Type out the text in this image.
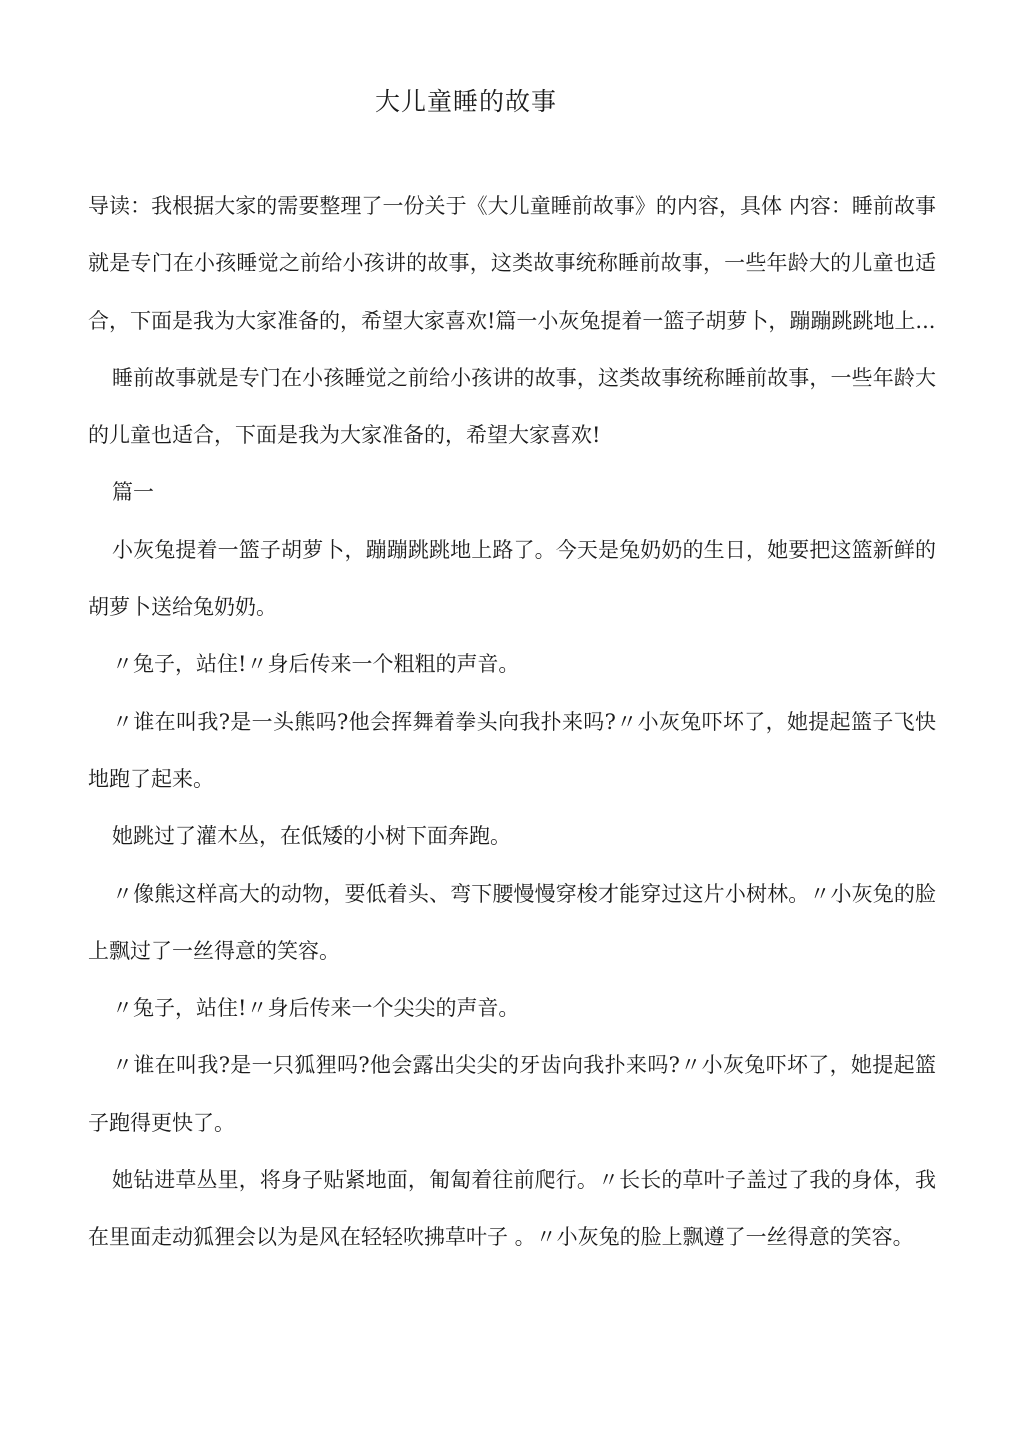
大儿童睡的故事

导读：我根据大家的需要整理了一份关于《大儿童睡前故事》的内容，具体 内容：睡前故事就是专门在小孩睡觉之前给小孩讲的故事，这类故事统称睡前故事，一些年龄大的儿童也适合，下面是我为大家准备的，希望大家喜欢!篇一小灰兔提着一篮子胡萝卜，蹦蹦跳跳地上...

睡前故事就是专门在小孩睡觉之前给小孩讲的故事，这类故事统称睡前故事，一些年龄大的儿童也适合，下面是我为大家准备的，希望大家喜欢!

篇一

小灰兔提着一篮子胡萝卜，蹦蹦跳跳地上路了。今天是兔奶奶的生日，她要把这篮新鲜的胡萝卜送给兔奶奶。

〃兔子，站住!〃身后传来一个粗粗的声音。

〃谁在叫我?是一头熊吗?他会挥舞着拳头向我扑来吗?〃小灰兔吓坏了，她提起篮子飞快地跑了起来。

她跳过了灌木丛，在低矮的小树下面奔跑。

〃像熊这样高大的动物，要低着头、弯下腰慢慢穿梭才能穿过这片小树林。〃小灰兔的脸上飘过了一丝得意的笑容。

〃兔子，站住!〃身后传来一个尖尖的声音。

〃谁在叫我?是一只狐狸吗?他会露出尖尖的牙齿向我扑来吗?〃小灰兔吓坏了，她提起篮子跑得更快了。

她钻进草丛里，将身子贴紧地面，匍匐着往前爬行。〃长长的草叶子盖过了我的身体，我在里面走动狐狸会以为是风在轻轻吹拂草叶子 。〃小灰兔的脸上飘遵了一丝得意的笑容。
